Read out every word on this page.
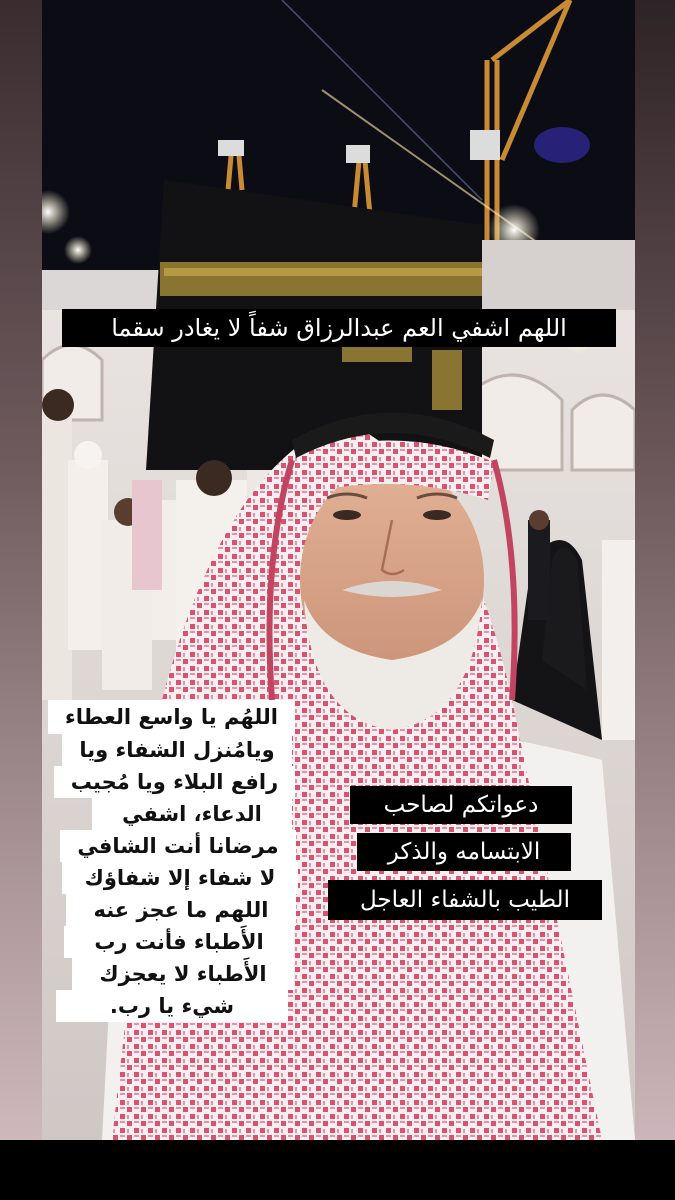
اللهم اشفي العم عبدالرزاق شفاً لا يغادر سقما
دعواتكم لصاحب
الابتسامه والذكر
الطيب بالشفاء العاجل
اللهُم يا واسع العطاء
ويامُنزل الشفاء ويا
رافع البلاء ويا مُجيب
الدعاء، اشفي
مرضانا أنت الشافي
لا شفاء إلا شفاؤك
اللهم ما عجز عنه
الأَطباء فأنت رب
الأَطباء لا يعجزك
شيء يا رب.
